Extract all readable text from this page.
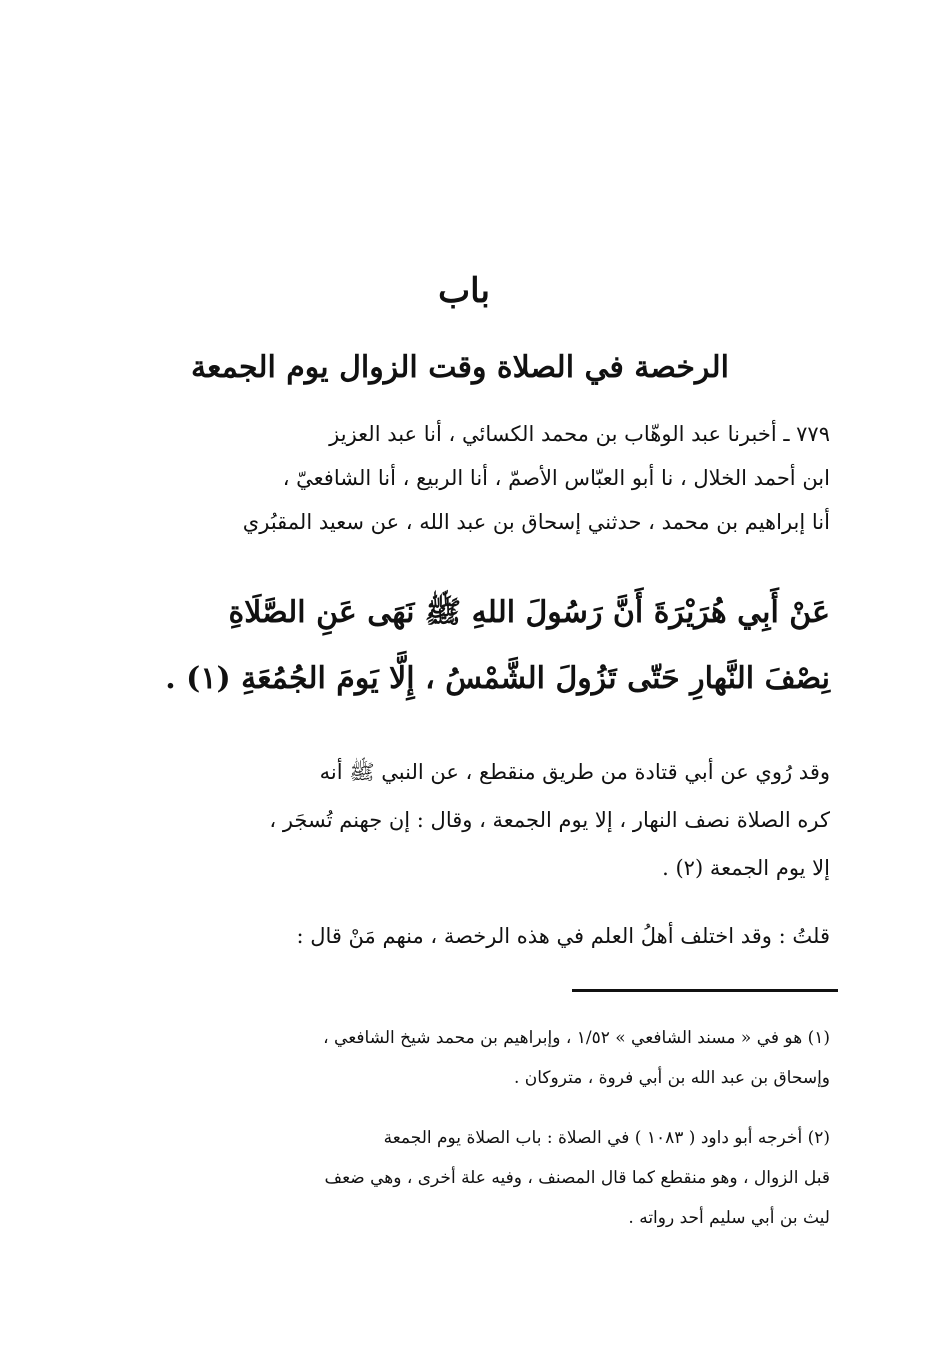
باب
الرخصة في الصلاة وقت الزوال يوم الجمعة
٧٧٩ ـ أخبرنا عبد الوهّاب بن محمد الكسائي ، أنا عبد العزيز
ابن أحمد الخلال ، نا أبو العبّاس الأصمّ ، أنا الربيع ، أنا الشافعيّ ،
أنا إبراهيم بن محمد ، حدثني إسحاق بن عبد الله ، عن سعيد المقبُري
عَنْ أَبِي هُرَيْرَةَ أَنَّ رَسُولَ اللهِ ﷺ نَهَى عَنِ الصَّلَاةِ
نِصْفَ النَّهارِ حَتّى تَزُولَ الشَّمْسُ ، إِلَّا يَومَ الجُمُعَةِ (١) .
وقد رُوي عن أبي قتادة من طريق منقطع ، عن النبي ﷺ أنه
كره الصلاة نصف النهار ، إلا يوم الجمعة ، وقال : إن جهنم تُسجَر ،
إلا يوم الجمعة (٢) .
قلتُ : وقد اختلف أهلُ العلم في هذه الرخصة ، منهم مَنْ قال :
(١) هو في « مسند الشافعي » ١/٥٢ ، وإبراهيم بن محمد شيخ الشافعي ،
وإسحاق بن عبد الله بن أبي فروة ، متروكان .
(٢) أخرجه أبو داود ( ١٠٨٣ ) في الصلاة : باب الصلاة يوم الجمعة
قبل الزوال ، وهو منقطع كما قال المصنف ، وفيه علة أخرى ، وهي ضعف
ليث بن أبي سليم أحد رواته .
